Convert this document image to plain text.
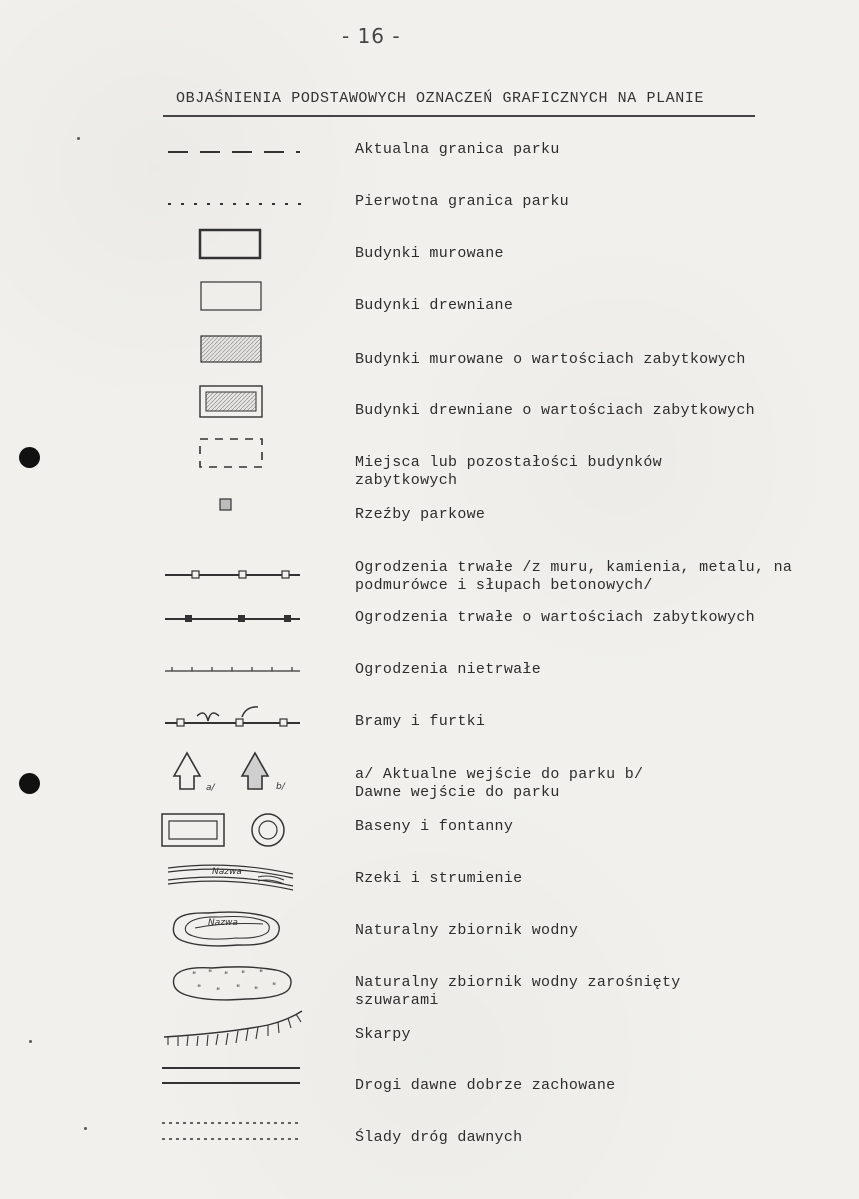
- 16 -
OBJAŚNIENIA PODSTAWOWYCH OZNACZEŃ GRAFICZNYCH NA PLANIE
Aktualna granica parku
Pierwotna granica parku
Budynki murowane
Budynki drewniane
Budynki murowane o wartościach zabytkowych
Budynki drewniane o wartościach zabytkowych
Miejsca lub pozostałości budynków zabytkowych
Rzeźby parkowe
Ogrodzenia trwałe /z muru, kamienia, metalu, na podmurówce i słupach betonowych/
Ogrodzenia trwałe o wartościach zabytkowych
Ogrodzenia nietrwałe
Bramy i furtki
a/	b/
a/ Aktualne wejście do parku b/ Dawne wejście do parku
Baseny i fontanny
Nazwa	Rzeki i strumienie
Nazwa	Naturalny zbiornik wodny
" " " " "
" " " " "	Naturalny zbiornik wodny zarośnięty szuwarami
Skarpy
Drogi dawne dobrze zachowane
Ślady dróg dawnych
